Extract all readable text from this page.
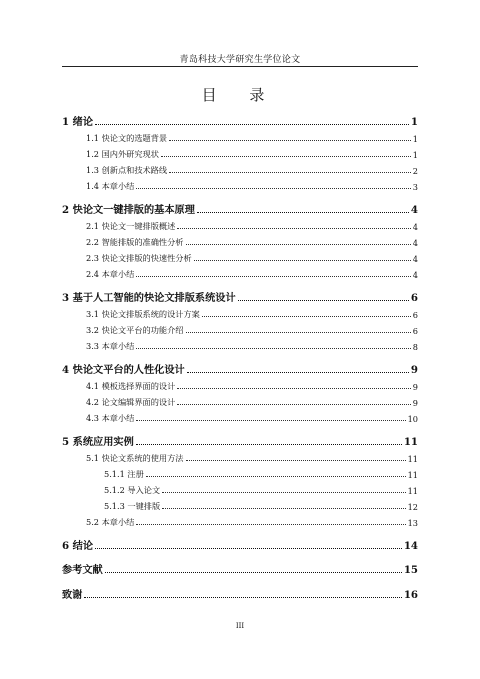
青岛科技大学研究生学位论文
目 录
1 绪论	1
1.1 快论文的选题背景	1
1.2 国内外研究现状	1
1.3 创新点和技术路线	2
1.4 本章小结	3
2 快论文一键排版的基本原理	4
2.1 快论文一键排版概述	4
2.2 智能排版的准确性分析	4
2.3 快论文排版的快速性分析	4
2.4 本章小结	4
3 基于人工智能的快论文排版系统设计	6
3.1 快论文排版系统的设计方案	6
3.2 快论文平台的功能介绍	6
3.3 本章小结	8
4 快论文平台的人性化设计	9
4.1 模板选择界面的设计	9
4.2 论文编辑界面的设计	9
4.3 本章小结	10
5 系统应用实例	11
5.1 快论文系统的使用方法	11
5.1.1 注册	11
5.1.2 导入论文	11
5.1.3 一键排版	12
5.2 本章小结	13
6 结论	14
参考文献	15
致谢	16
III
